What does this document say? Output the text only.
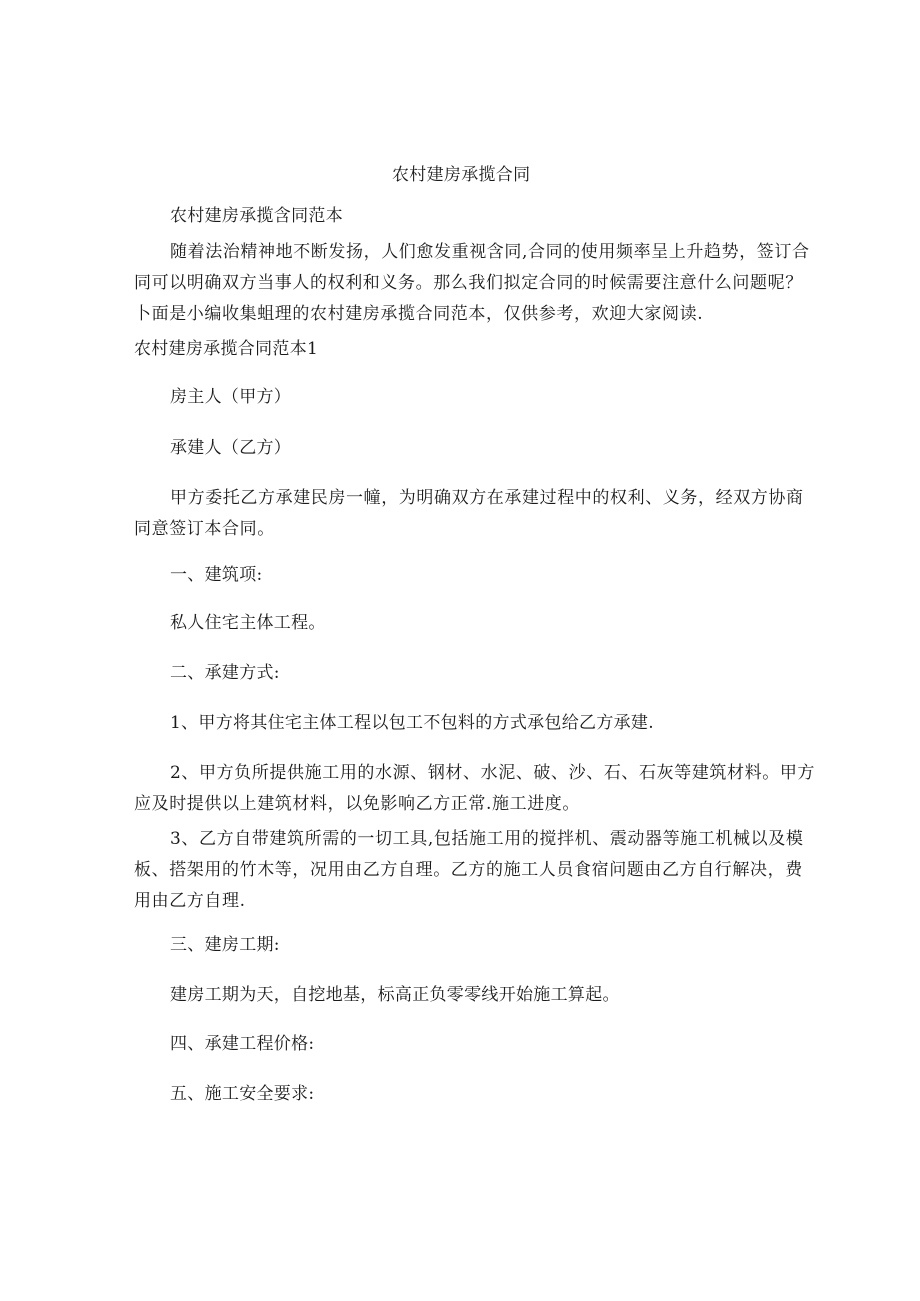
农村建房承揽合同

农村建房承揽含同范本

随着法治精神地不断发扬，人们愈发重视含同,合同的使用频率呈上升趋势，签订合
同可以明确双方当事人的权利和义务。那么我们拟定合同的时候需要注意什么问题呢？
卜面是小编收集蛆理的农村建房承揽合同范本，仅供参考，欢迎大家阅读.

农村建房承揽合同范本1

房主人（甲方）

承建人（乙方）

甲方委托乙方承建民房一幢，为明确双方在承建过程中的权利、义务，经双方协商
同意签订本合同。

一、建筑项:

私人住宅主体工程。

二、承建方式:

1、甲方将其住宅主体工程以包工不包料的方式承包给乙方承建.

2、甲方负所提供施工用的水源、钢材、水泥、破、沙、石、石灰等建筑材料。甲方
应及时提供以上建筑材料，以免影响乙方正常.施工进度。
3、乙方自带建筑所需的一切工具,包括施工用的搅拌机、震动器等施工机械以及模
板、搭架用的竹木等，况用由乙方自理。乙方的施工人员食宿问题由乙方自行解决，费
用由乙方自理.

三、建房工期:

建房工期为天，自挖地基，标高正负零零线开始施工算起。

四、承建工程价格:

五、施工安全要求:
